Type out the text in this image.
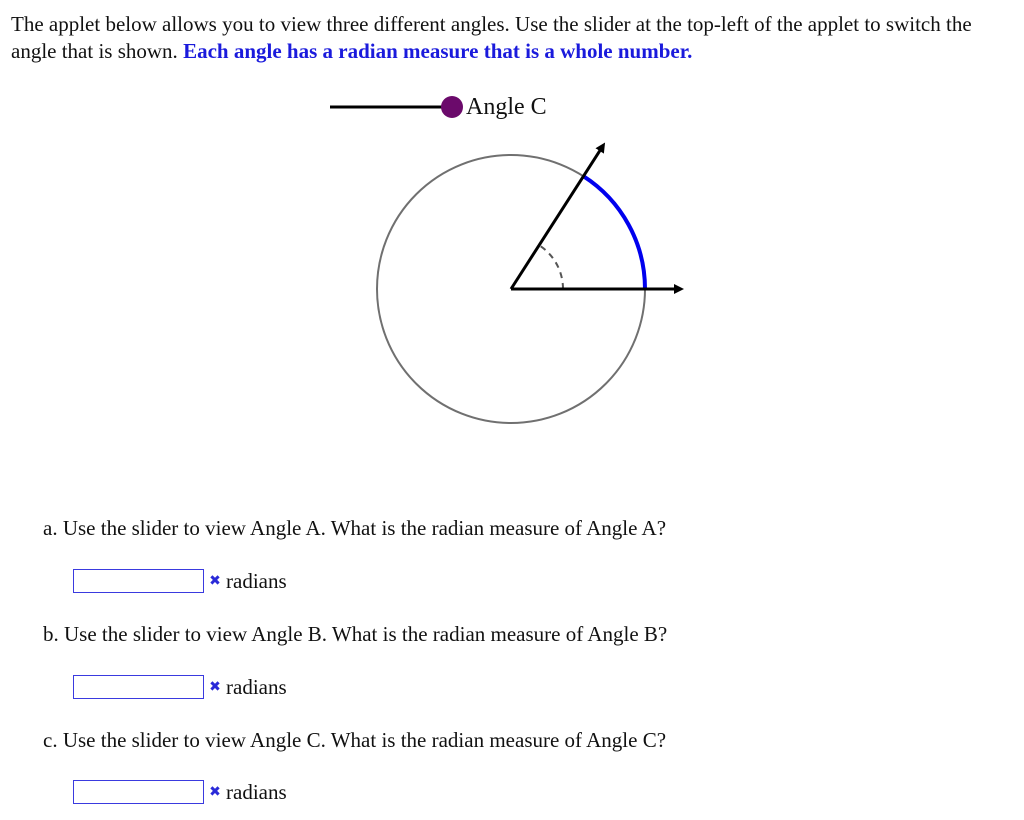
The applet below allows you to view three different angles. Use the slider at the top-left of the applet to switch the angle that is shown. Each angle has a radian measure that is a whole number.

Angle C

a. Use the slider to view Angle A. What is the radian measure of Angle A?

✖ radians

b. Use the slider to view Angle B. What is the radian measure of Angle B?

✖ radians

c. Use the slider to view Angle C. What is the radian measure of Angle C?

✖ radians
